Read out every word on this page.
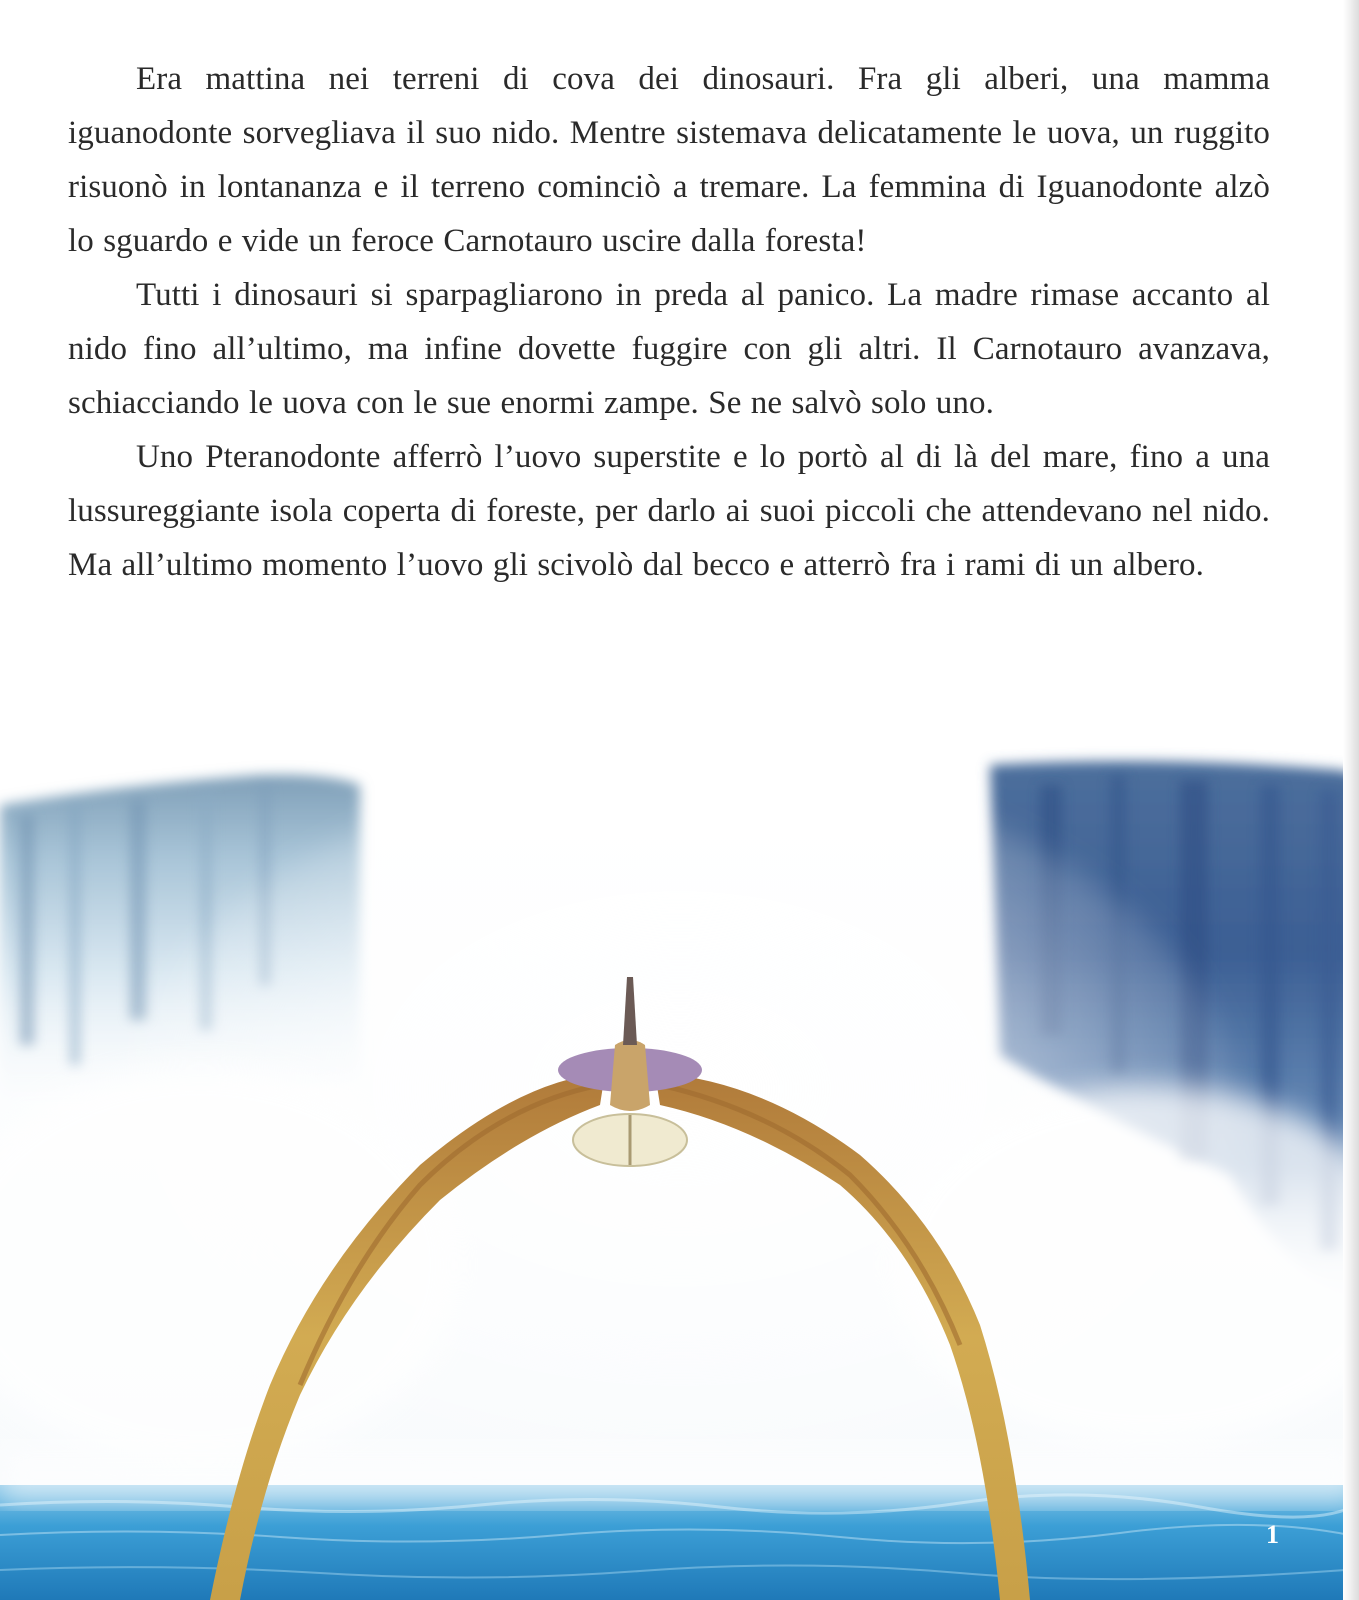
Era mattina nei terreni di cova dei dinosauri. Fra gli alberi, una mamma iguanodonte sorvegliava il suo nido. Mentre sistemava delicatamente le uova, un ruggito risuonò in lontananza e il terreno cominciò a tremare. La femmina di Iguanodonte alzò lo sguardo e vide un feroce Carnotauro uscire dalla foresta!

Tutti i dinosauri si sparpagliarono in preda al panico. La madre rimase accanto al nido fino all’ultimo, ma infine dovette fuggire con gli altri. Il Carnotauro avanzava, schiacciando le uova con le sue enormi zampe. Se ne salvò solo uno.

Uno Pteranodonte afferrò l’uovo superstite e lo portò al di là del mare, fino a una lussureggiante isola coperta di foreste, per darlo ai suoi piccoli che attendevano nel nido. Ma all’ultimo momento l’uovo gli scivolò dal becco e atterrò fra i rami di un albero.

1
